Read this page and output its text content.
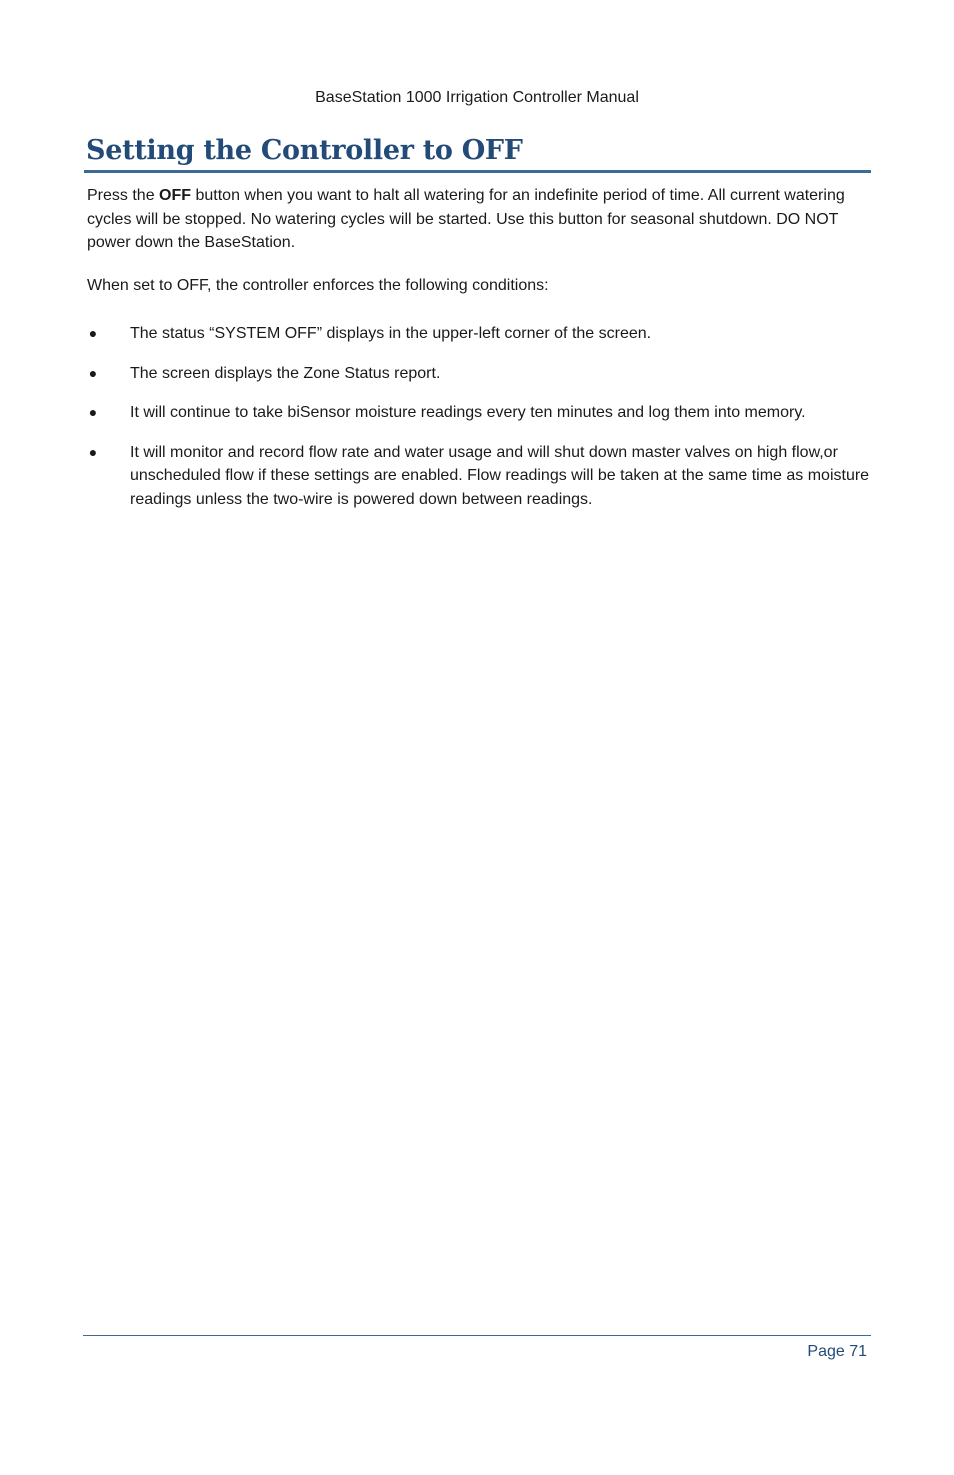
BaseStation 1000 Irrigation Controller Manual
Setting the Controller to OFF

Press the OFF button when you want to halt all watering for an indefinite period of time. All current watering cycles will be stopped. No watering cycles will be started. Use this button for seasonal shutdown. DO NOT power down the BaseStation.

When set to OFF, the controller enforces the following conditions:

● The status “SYSTEM OFF” displays in the upper-left corner of the screen.
● The screen displays the Zone Status report.
● It will continue to take biSensor moisture readings every ten minutes and log them into memory.
● It will monitor and record flow rate and water usage and will shut down master valves on high flow,or unscheduled flow if these settings are enabled. Flow readings will be taken at the same time as moisture readings unless the two-wire is powered down between readings.
Page 71
